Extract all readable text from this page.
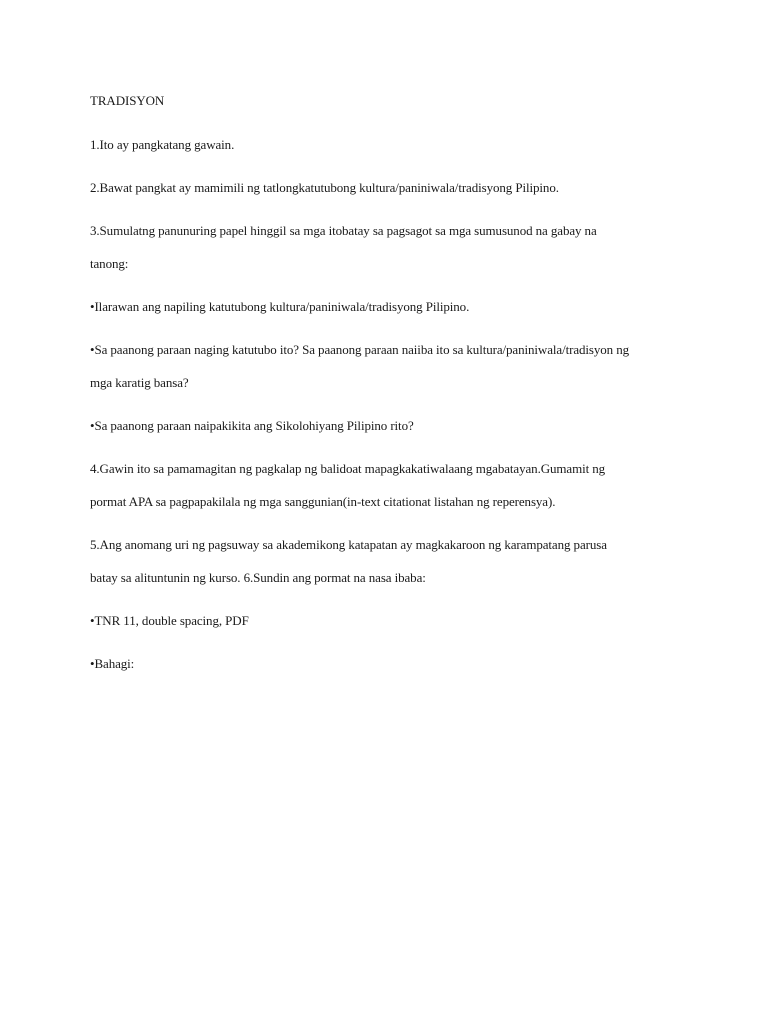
TRADISYON
1.Ito ay pangkatang gawain.
2.Bawat pangkat ay mamimili ng tatlongkatutubong kultura/paniniwala/tradisyong Pilipino.
3.Sumulatng panunuring papel hinggil sa mga itobatay sa pagsagot sa mga sumusunod na gabay na
tanong:
•Ilarawan ang napiling katutubong kultura/paniniwala/tradisyong Pilipino.
•Sa paanong paraan naging katutubo ito? Sa paanong paraan naiiba ito sa kultura/paniniwala/tradisyon ng
mga karatig bansa?
•Sa paanong paraan naipakikita ang Sikolohiyang Pilipino rito?
4.Gawin ito sa pamamagitan ng pagkalap ng balidoat mapagkakatiwalaang mgabatayan.Gumamit ng
pormat APA sa pagpapakilala ng mga sanggunian(in-text citationat listahan ng reperensya).
5.Ang anomang uri ng pagsuway sa akademikong katapatan ay magkakaroon ng karampatang parusa
batay sa alituntunin ng kurso. 6.Sundin ang pormat na nasa ibaba:
•TNR 11, double spacing, PDF
•Bahagi:
